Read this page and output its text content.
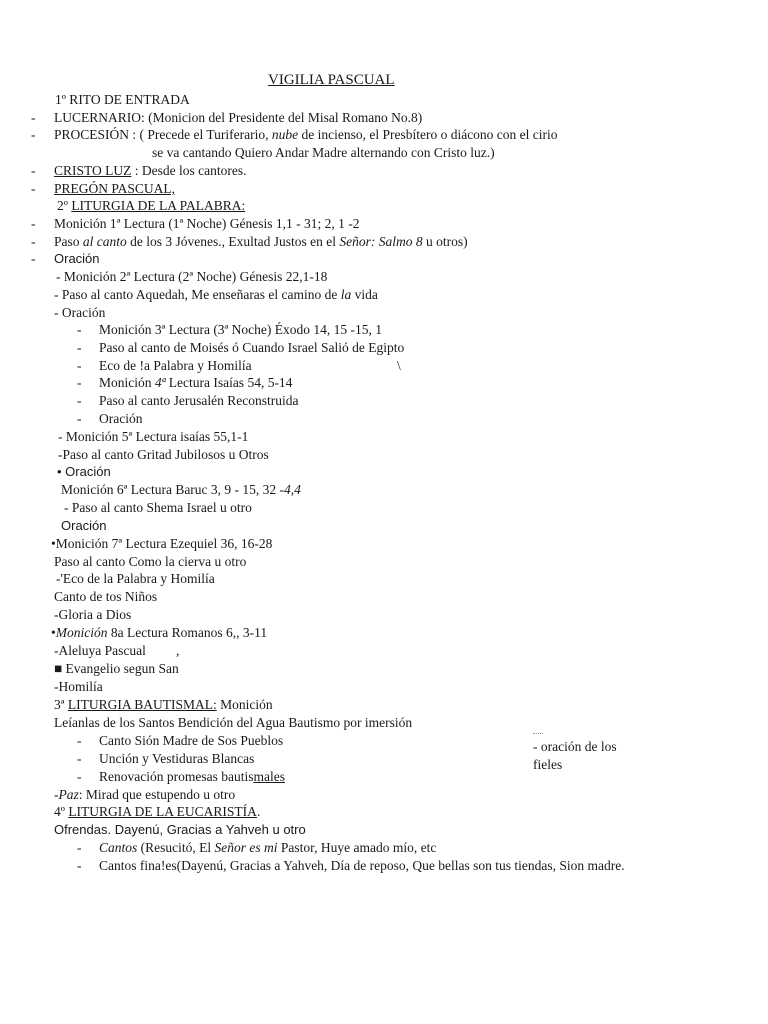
VIGILIA PASCUAL
1º RITO DE ENTRADA
- LUCERNARIO: (Monicion del Presidente del Misal Romano No.8)
- PROCESIÓN : ( Precede el Turiferario, nube de incienso, el Presbítero o diácono con el cirio
se va cantando Quiero Andar Madre alternando con Cristo luz.)
- CRISTO LUZ : Desde los cantores.
- PREGÓN PASCUAL,
2º LITURGIA DE LA PALABRA:
- Monición 1ª Lectura (1ª Noche) Génesis 1,1 - 31; 2, 1 -2
- Paso al canto de los 3 Jóvenes., Exultad Justos en el Señor: Salmo 8 u otros)
- Oración
- Monición 2ª Lectura (2ª Noche) Génesis 22,1-18
- Paso al canto Aquedah, Me enseñaras el camino de la vida
- Oración
- Monición 3ª Lectura (3ª Noche) Éxodo 14, 15 -15, 1
- Paso al canto de Moisés ó Cuando Israel Salió de Egipto
- Eco de !a Palabra y Homilía	\
- Monición 4ª Lectura Isaías 54, 5-14
- Paso al canto Jerusalén Reconstruida
- Oración
- Monición 5ª Lectura isaías 55,1-1
-Paso al canto Gritad Jubilosos u Otros
• Oración
Monición 6ª Lectura Baruc 3, 9 - 15, 32 -4,4
- Paso al canto Shema Israel u otro
Oración
•Monición 7ª Lectura Ezequiel 36, 16-28
Paso al canto Como la cierva u otro
-'Eco de la Palabra y Homilía
Canto de tos Niños
-Gloria a Dios
•Monición 8a Lectura Romanos 6,, 3-11
-Aleluya Pascual ,
■ Evangelio segun San
-Homilía
3ª LITURGIA BAUTISMAL: Monición
Leíanlas de los Santos Bendición del Agua Bautismo por imersión
- Canto Sión Madre de Sos Pueblos
- Unción y Vestiduras Blancas
- Renovación promesas bautismales
- oración de los
fieles
-Paz: Mirad que estupendo u otro
4º LITURGIA DE LA EUCARISTÍA.
Ofrendas. Dayenú, Gracias a Yahveh u otro
- Cantos (Resucitó, El Señor es mi Pastor, Huye amado mío, etc
- Cantos fina!es(Dayenú, Gracias a Yahveh, Día de reposo, Que bellas son tus tiendas, Sion madre.
